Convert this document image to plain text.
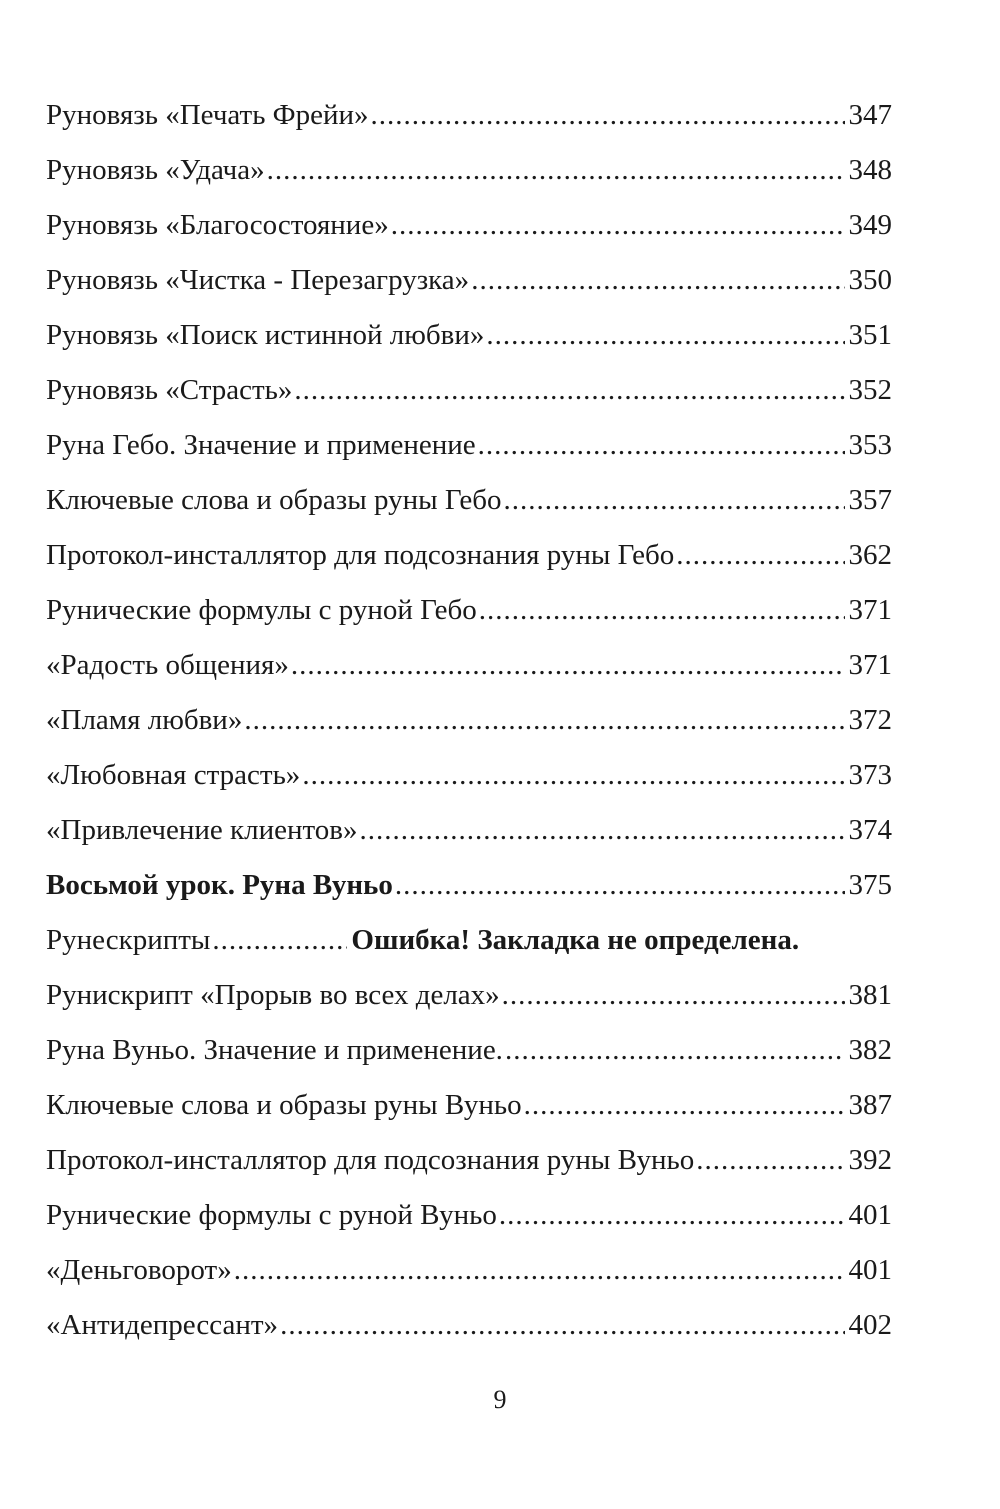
Руновязь «Печать Фрейи» .....	347
Руновязь «Удача» .....	348
Руновязь «Благосостояние» .....	349
Руновязь «Чистка - Перезагрузка» .....	350
Руновязь «Поиск истинной любви» .....	351
Руновязь «Страсть» .....	352
Руна Гебо. Значение и применение .....	353
Ключевые слова и образы руны Гебо .....	357
Протокол-инсталлятор для подсознания руны Гебо .....	362
Рунические формулы с руной Гебо .....	371
«Радость общения» .....	371
«Пламя любви» .....	372
«Любовная страсть» .....	373
«Привлечение клиентов» .....	374
Восьмой урок. Руна Вуньо .....	375
Рунескрипты .....	Ошибка! Закладка не определена.
Рунискрипт «Прорыв во всех делах» .....	381
Руна Вуньо. Значение и применение. .....	382
Ключевые слова и образы руны Вуньо .....	387
Протокол-инсталлятор для подсознания руны Вуньо .....	392
Рунические формулы с руной Вуньо .....	401
«Деньговорот» .....	401
«Антидепрессант» .....	402
9
